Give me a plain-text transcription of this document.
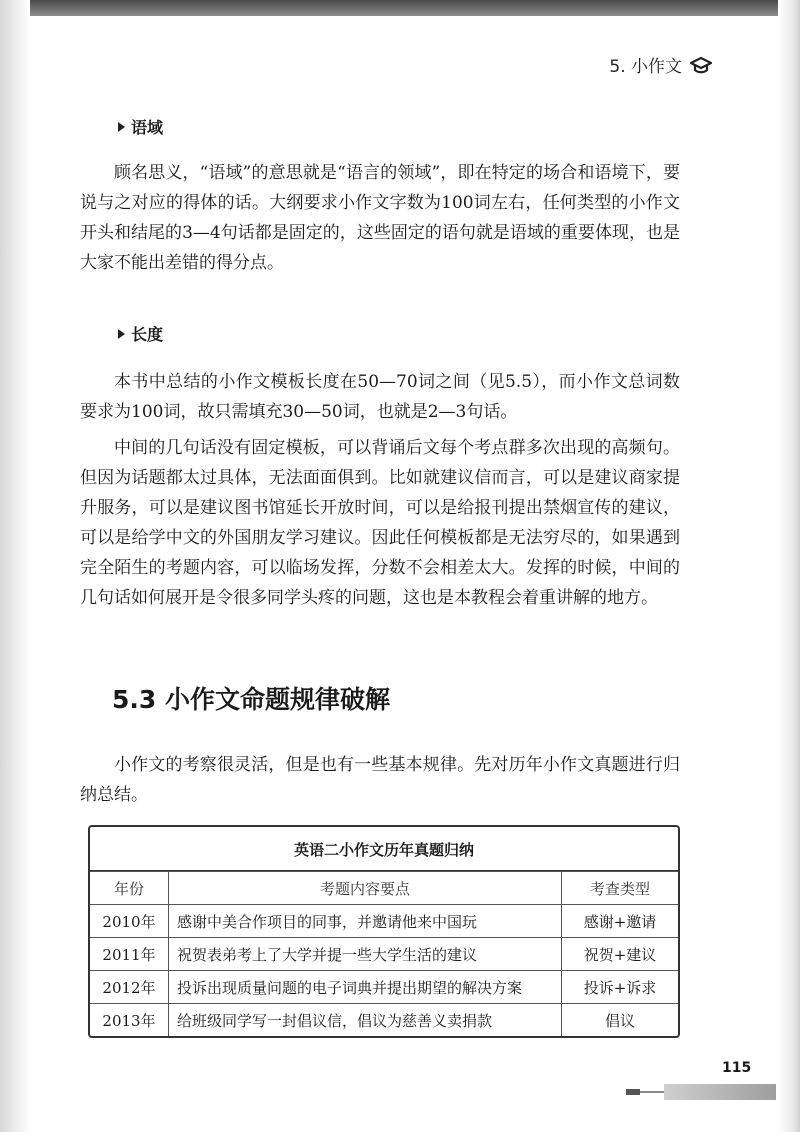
5. 小作文
语域

顾名思义，“语域”的意思就是“语言的领域”，即在特定的场合和语境下，要说与之对应的得体的话。大纲要求小作文字数为100词左右，任何类型的小作文开头和结尾的3—4句话都是固定的，这些固定的语句就是语域的重要体现，也是大家不能出差错的得分点。

长度

本书中总结的小作文模板长度在50—70词之间（见5.5），而小作文总词数要求为100词，故只需填充30—50词，也就是2—3句话。

中间的几句话没有固定模板，可以背诵后文每个考点群多次出现的高频句。但因为话题都太过具体，无法面面俱到。比如就建议信而言，可以是建议商家提升服务，可以是建议图书馆延长开放时间，可以是给报刊提出禁烟宣传的建议，可以是给学中文的外国朋友学习建议。因此任何模板都是无法穷尽的，如果遇到完全陌生的考题内容，可以临场发挥，分数不会相差太大。发挥的时候，中间的几句话如何展开是令很多同学头疼的问题，这也是本教程会着重讲解的地方。

5.3 小作文命题规律破解

小作文的考察很灵活，但是也有一些基本规律。先对历年小作文真题进行归纳总结。

英语二小作文历年真题归纳
年份	考题内容要点	考查类型
2010年	感谢中美合作项目的同事，并邀请他来中国玩	感谢+邀请
2011年	祝贺表弟考上了大学并提一些大学生活的建议	祝贺+建议
2012年	投诉出现质量问题的电子词典并提出期望的解决方案	投诉+诉求
2013年	给班级同学写一封倡议信，倡议为慈善义卖捐款	倡议
115
